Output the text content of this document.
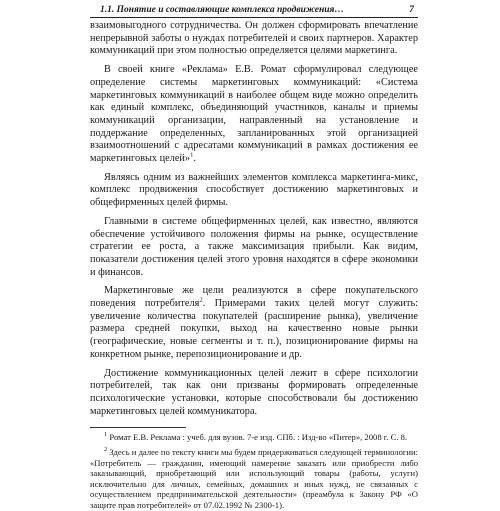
1.1. Понятие и составляющие комплекса продвижения…	7

взаимовыгодного сотрудничества. Он должен сформировать впечатление непрерывной заботы о нуждах потребителей и своих партнеров. Характер коммуникаций при этом полностью определяется целями маркетинга.

В своей книге «Реклама» Е.В. Ромат сформулировал следующее определение системы маркетинговых коммуникаций: «Система маркетинговых коммуникаций в наиболее общем виде можно определить как единый комплекс, объединяющий участников, каналы и приемы коммуникаций организации, направленный на установление и поддержание определенных, запланированных этой организацией взаимоотношений с адресатами коммуникаций в рамках достижения ее маркетинговых целей»$^1$.

Являясь одним из важнейших элементов комплекса маркетинга-микс, комплекс продвижения способствует достижению маркетинговых и общефирменных целей фирмы.

Главными в системе общефирменных целей, как известно, являются обеспечение устойчивого положения фирмы на рынке, осуществление стратегии ее роста, а также максимизация прибыли. Как видим, показатели достижения целей этого уровня находятся в сфере экономики и финансов.

Маркетинговые же цели реализуются в сфере покупательского поведения потребителя$^2$. Примерами таких целей могут служить: увеличение количества покупателей (расширение рынка), увеличение размера средней покупки, выход на качественно новые рынки (географические, новые сегменты и т. п.), позиционирование фирмы на конкретном рынке, перепозиционирование и др.

Достижение коммуникационных целей лежит в сфере психологии потребителей, так как они призваны формировать определенные психологические установки, которые способствовали бы достижению маркетинговых целей коммуникатора.

$^1$ Ромат Е.В. Реклама : учеб. для вузов. 7-е изд. СПб. : Изд-во «Питер», 2008 г. С. 8.

$^2$ Здесь и далее по тексту книги мы будем придерживаться следующей терминологии: «Потребитель — гражданин, имеющий намерение заказать или приобрести либо заказывающий, приобретающий или использующий товары (работы, услуги) исключительно для личных, семейных, домашних и иных нужд, не связанных с осуществлением предпринимательской деятельности» (преамбула к Закону РФ «О защите прав потребителей» от 07.02.1992 № 2300-1).
